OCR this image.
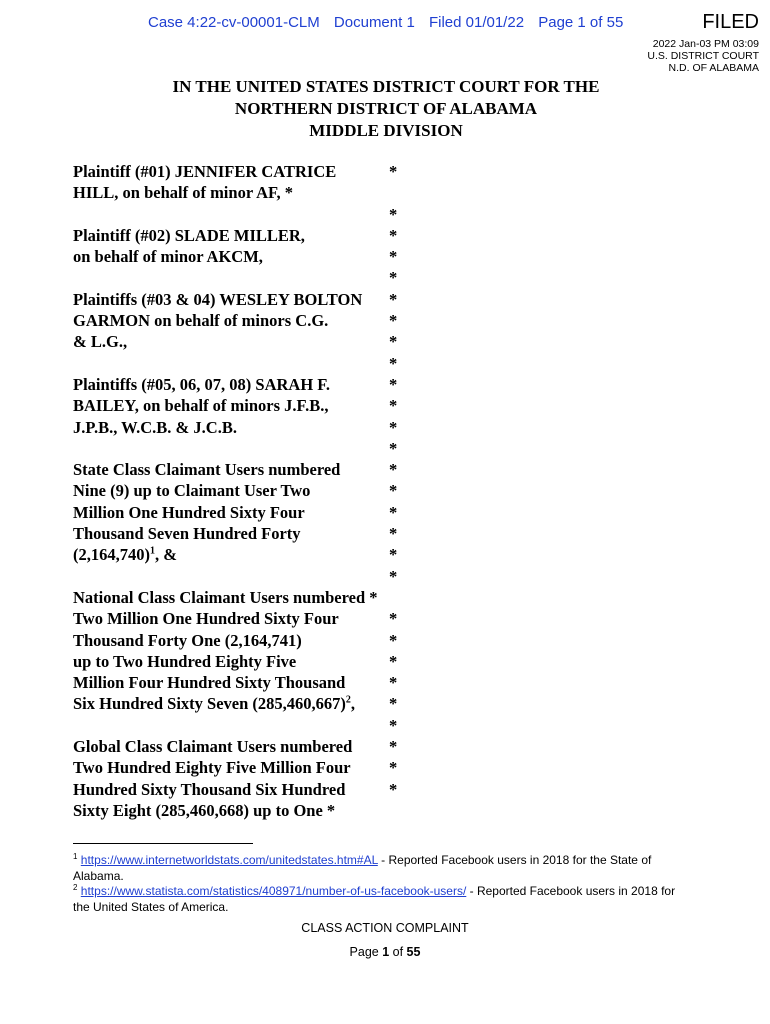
Case 4:22-cv-00001-CLM Document 1 Filed 01/01/22 Page 1 of 55	FILED
2022 Jan-03 PM 03:09
U.S. DISTRICT COURT
N.D. OF ALABAMA
IN THE UNITED STATES DISTRICT COURT FOR THE
NORTHERN DISTRICT OF ALABAMA
MIDDLE DIVISION
Plaintiff (#01) JENNIFER CATRICE	*
HILL, on behalf of minor AF, *
*
Plaintiff (#02) SLADE MILLER,	*
on behalf of minor AKCM,	*
*
Plaintiffs (#03 & 04) WESLEY BOLTON *
GARMON on behalf of minors C.G.	*
& L.G.,	*
*
Plaintiffs (#05, 06, 07, 08) SARAH F.	*
BAILEY, on behalf of minors J.F.B.,	*
J.P.B., W.C.B. & J.C.B.	*
*
State Class Claimant Users numbered	*
Nine (9) up to Claimant User Two	*
Million One Hundred Sixty Four	*
Thousand Seven Hundred Forty	*
$(2,164,740)^1$, &	*
*
National Class Claimant Users numbered *
Two Million One Hundred Sixty Four	*
Thousand Forty One (2,164,741)	*
up to Two Hundred Eighty Five	*
Million Four Hundred Sixty Thousand	*
Six Hundred Sixty Seven $(285,460,667)^2$, *
*
Global Class Claimant Users numbered *
Two Hundred Eighty Five Million Four *
Hundred Sixty Thousand Six Hundred	*
Sixty Eight (285,460,668) up to One *
$^1$ https://www.internetworldstats.com/unitedstates.htm#AL - Reported Facebook users in 2018 for the State of Alabama.
$^2$ https://www.statista.com/statistics/408971/number-of-us-facebook-users/ - Reported Facebook users in 2018 for the United States of America.
CLASS ACTION COMPLAINT
Page 1 of 55
